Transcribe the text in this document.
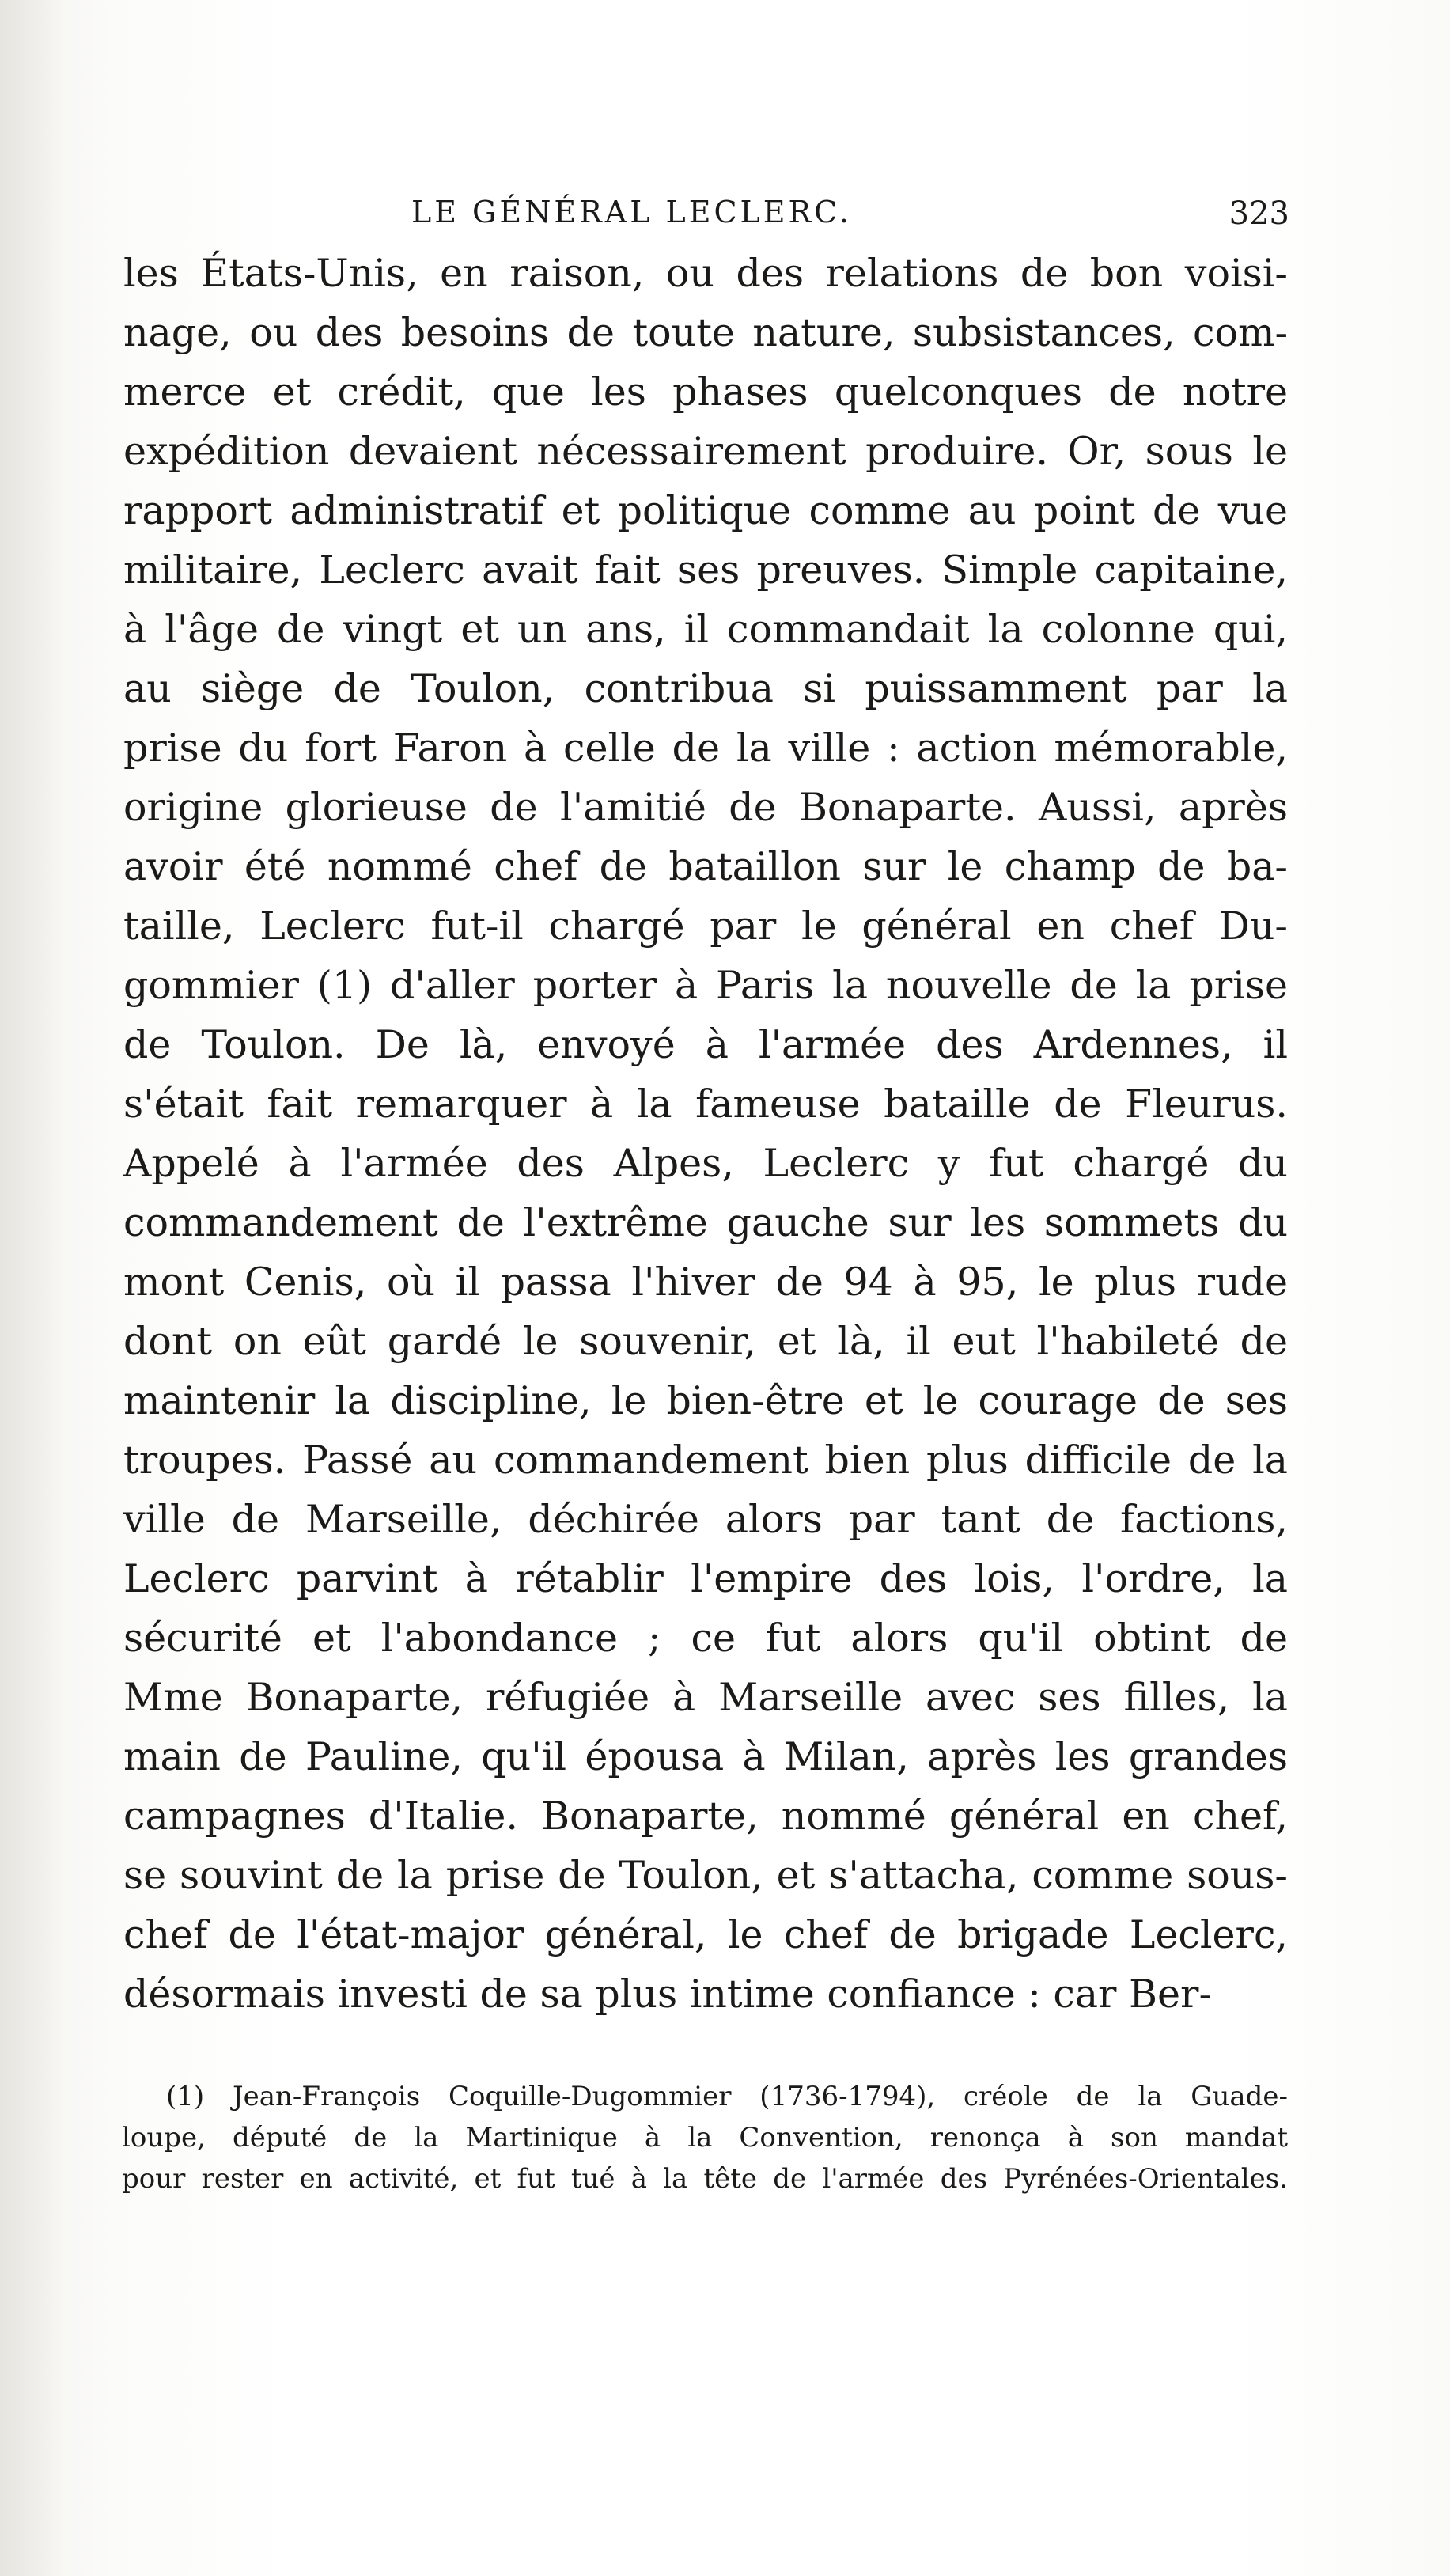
LE GÉNÉRAL LECLERC.	323
les États-Unis, en raison, ou des relations de bon voisi-
nage, ou des besoins de toute nature, subsistances, com-
merce et crédit, que les phases quelconques de notre
expédition devaient nécessairement produire. Or, sous le
rapport administratif et politique comme au point de vue
militaire, Leclerc avait fait ses preuves. Simple capitaine,
à l'âge de vingt et un ans, il commandait la colonne qui,
au siège de Toulon, contribua si puissamment par la
prise du fort Faron à celle de la ville : action mémorable,
origine glorieuse de l'amitié de Bonaparte. Aussi, après
avoir été nommé chef de bataillon sur le champ de ba-
taille, Leclerc fut-il chargé par le général en chef Du-
gommier (1) d'aller porter à Paris la nouvelle de la prise
de Toulon. De là, envoyé à l'armée des Ardennes, il
s'était fait remarquer à la fameuse bataille de Fleurus.
Appelé à l'armée des Alpes, Leclerc y fut chargé du
commandement de l'extrême gauche sur les sommets du
mont Cenis, où il passa l'hiver de 94 à 95, le plus rude
dont on eût gardé le souvenir, et là, il eut l'habileté de
maintenir la discipline, le bien-être et le courage de ses
troupes. Passé au commandement bien plus difficile de la
ville de Marseille, déchirée alors par tant de factions,
Leclerc parvint à rétablir l'empire des lois, l'ordre, la
sécurité et l'abondance ; ce fut alors qu'il obtint de
Mme Bonaparte, réfugiée à Marseille avec ses filles, la
main de Pauline, qu'il épousa à Milan, après les grandes
campagnes d'Italie. Bonaparte, nommé général en chef,
se souvint de la prise de Toulon, et s'attacha, comme sous-
chef de l'état-major général, le chef de brigade Leclerc,
désormais investi de sa plus intime confiance : car Ber-
(1) Jean-François Coquille-Dugommier (1736-1794), créole de la Guade-
loupe, député de la Martinique à la Convention, renonça à son mandat
pour rester en activité, et fut tué à la tête de l'armée des Pyrénées-Orientales.
